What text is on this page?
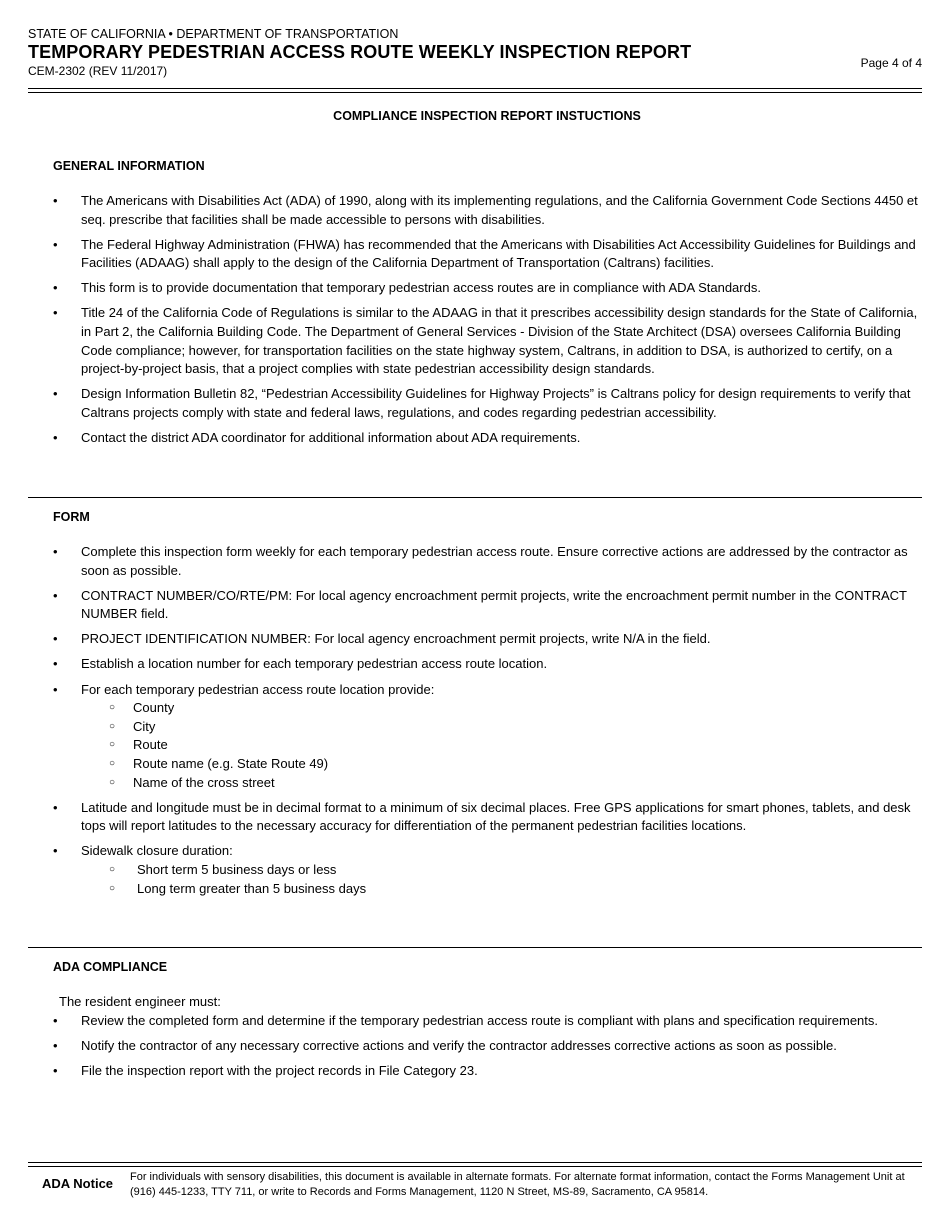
STATE OF CALIFORNIA • DEPARTMENT OF TRANSPORTATION
TEMPORARY PEDESTRIAN ACCESS ROUTE WEEKLY INSPECTION REPORT
CEM-2302 (REV 11/2017)
Page 4 of 4
COMPLIANCE INSPECTION REPORT INSTUCTIONS
GENERAL INFORMATION
• The Americans with Disabilities Act (ADA) of 1990, along with its implementing regulations, and the California Government Code Sections 4450 et seq. prescribe that facilities shall be made accessible to persons with disabilities.
• The Federal Highway Administration (FHWA) has recommended that the Americans with Disabilities Act Accessibility Guidelines for Buildings and Facilities (ADAAG) shall apply to the design of the California Department of Transportation (Caltrans) facilities.
• This form is to provide documentation that temporary pedestrian access routes are in compliance with ADA Standards.
• Title 24 of the California Code of Regulations is similar to the ADAAG in that it prescribes accessibility design standards for the State of California, in Part 2, the California Building Code. The Department of General Services - Division of the State Architect (DSA) oversees California Building Code compliance; however, for transportation facilities on the state highway system, Caltrans, in addition to DSA, is authorized to certify, on a project-by-project basis, that a project complies with state pedestrian accessibility design standards.
• Design Information Bulletin 82, “Pedestrian Accessibility Guidelines for Highway Projects” is Caltrans policy for design requirements to verify that Caltrans projects comply with state and federal laws, regulations, and codes regarding pedestrian accessibility.
• Contact the district ADA coordinator for additional information about ADA requirements.
FORM
• Complete this inspection form weekly for each temporary pedestrian access route. Ensure corrective actions are addressed by the contractor as soon as possible.
• CONTRACT NUMBER/CO/RTE/PM: For local agency encroachment permit projects, write the encroachment permit number in the CONTRACT NUMBER field.
• PROJECT IDENTIFICATION NUMBER: For local agency encroachment permit projects, write N/A in the field.
• Establish a location number for each temporary pedestrian access route location.
• For each temporary pedestrian access route location provide:
○ County
○ City
○ Route
○ Route name (e.g. State Route 49)
○ Name of the cross street
• Latitude and longitude must be in decimal format to a minimum of six decimal places. Free GPS applications for smart phones, tablets, and desk tops will report latitudes to the necessary accuracy for differentiation of the permanent pedestrian facilities locations.
• Sidewalk closure duration:
○ Short term 5 business days or less
○ Long term greater than 5 business days
ADA COMPLIANCE
The resident engineer must:
• Review the completed form and determine if the temporary pedestrian access route is compliant with plans and specification requirements.
• Notify the contractor of any necessary corrective actions and verify the contractor addresses corrective actions as soon as possible.
• File the inspection report with the project records in File Category 23.
ADA Notice For individuals with sensory disabilities, this document is available in alternate formats. For alternate format information, contact the Forms Management Unit at (916) 445-1233, TTY 711, or write to Records and Forms Management, 1120 N Street, MS-89, Sacramento, CA 95814.
